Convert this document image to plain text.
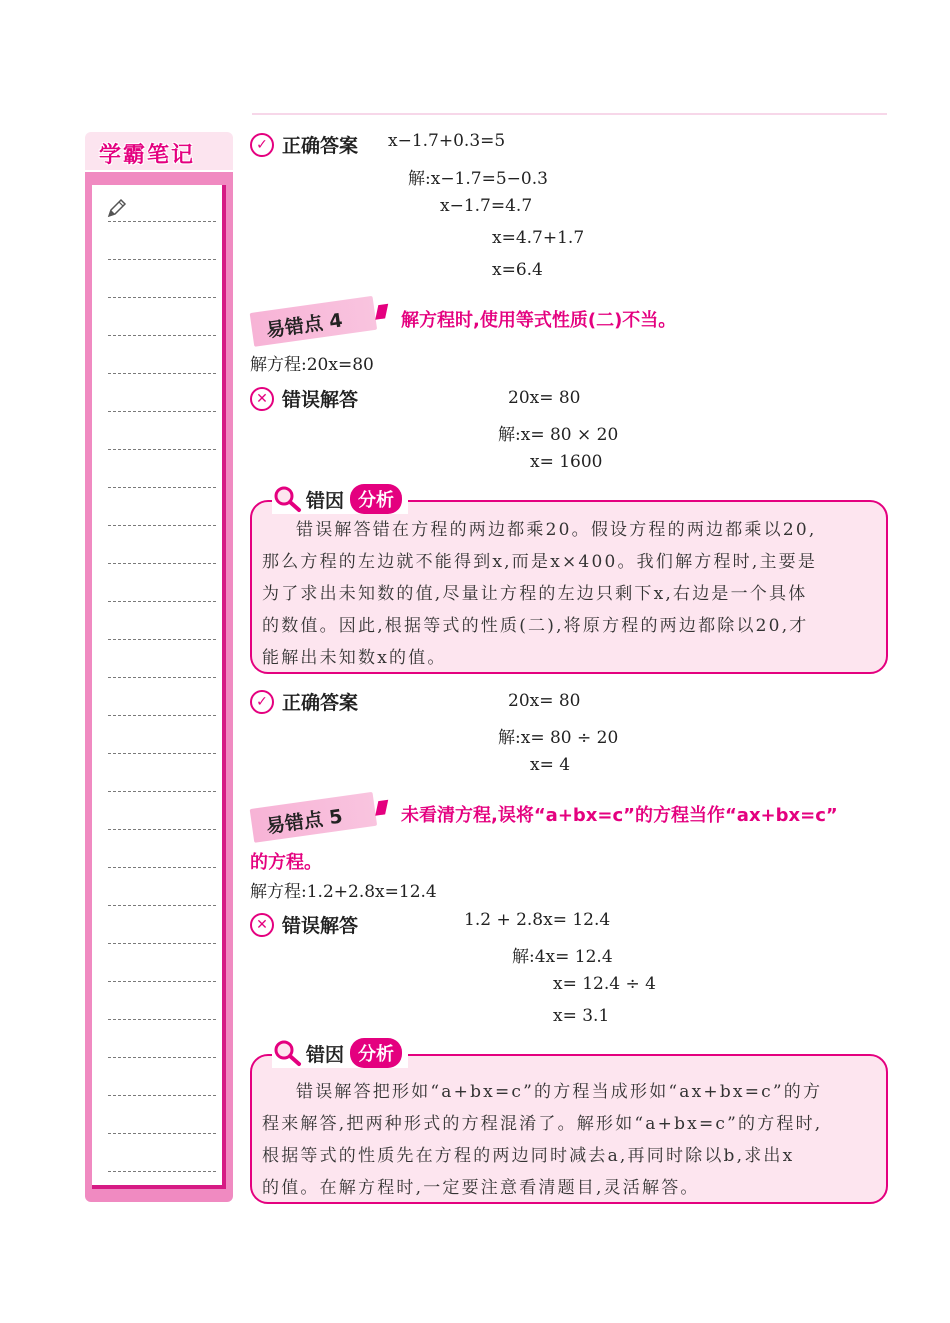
学霸笔记	✓ 正确答案 x−1.7+0.3=5
解:x−1.7=5−0.3
x−1.7=4.7
x=4.7+1.7
x=6.4
易错点 4	解方程时,使用等式性质(二)不当。
解方程:20x=80
✕ 错误解答	20x= 80
解:x= 80 × 20
x= 1600
错误解答错在方程的两边都乘20。假设方程的两边都乘以20,
那么方程的左边就不能得到x,而是x×400。我们解方程时,主要是
为了求出未知数的值,尽量让方程的左边只剩下x,右边是一个具体
的数值。因此,根据等式的性质(二),将原方程的两边都除以20,才
能解出未知数x的值。
错因 分析
✓ 正确答案	20x= 80
解:x= 80 ÷ 20
x= 4
易错点 5	未看清方程,误将“a+bx=c”的方程当作“ax+bx=c”
的方程。
解方程:1.2+2.8x=12.4
✕ 错误解答	1.2 + 2.8x= 12.4
解:4x= 12.4
x= 12.4 ÷ 4
x= 3.1
错误解答把形如“a+bx=c”的方程当成形如“ax+bx=c”的方
程来解答,把两种形式的方程混淆了。解形如“a+bx=c”的方程时,
根据等式的性质先在方程的两边同时减去a,再同时除以b,求出x
的值。在解方程时,一定要注意看清题目,灵活解答。
错因 分析
